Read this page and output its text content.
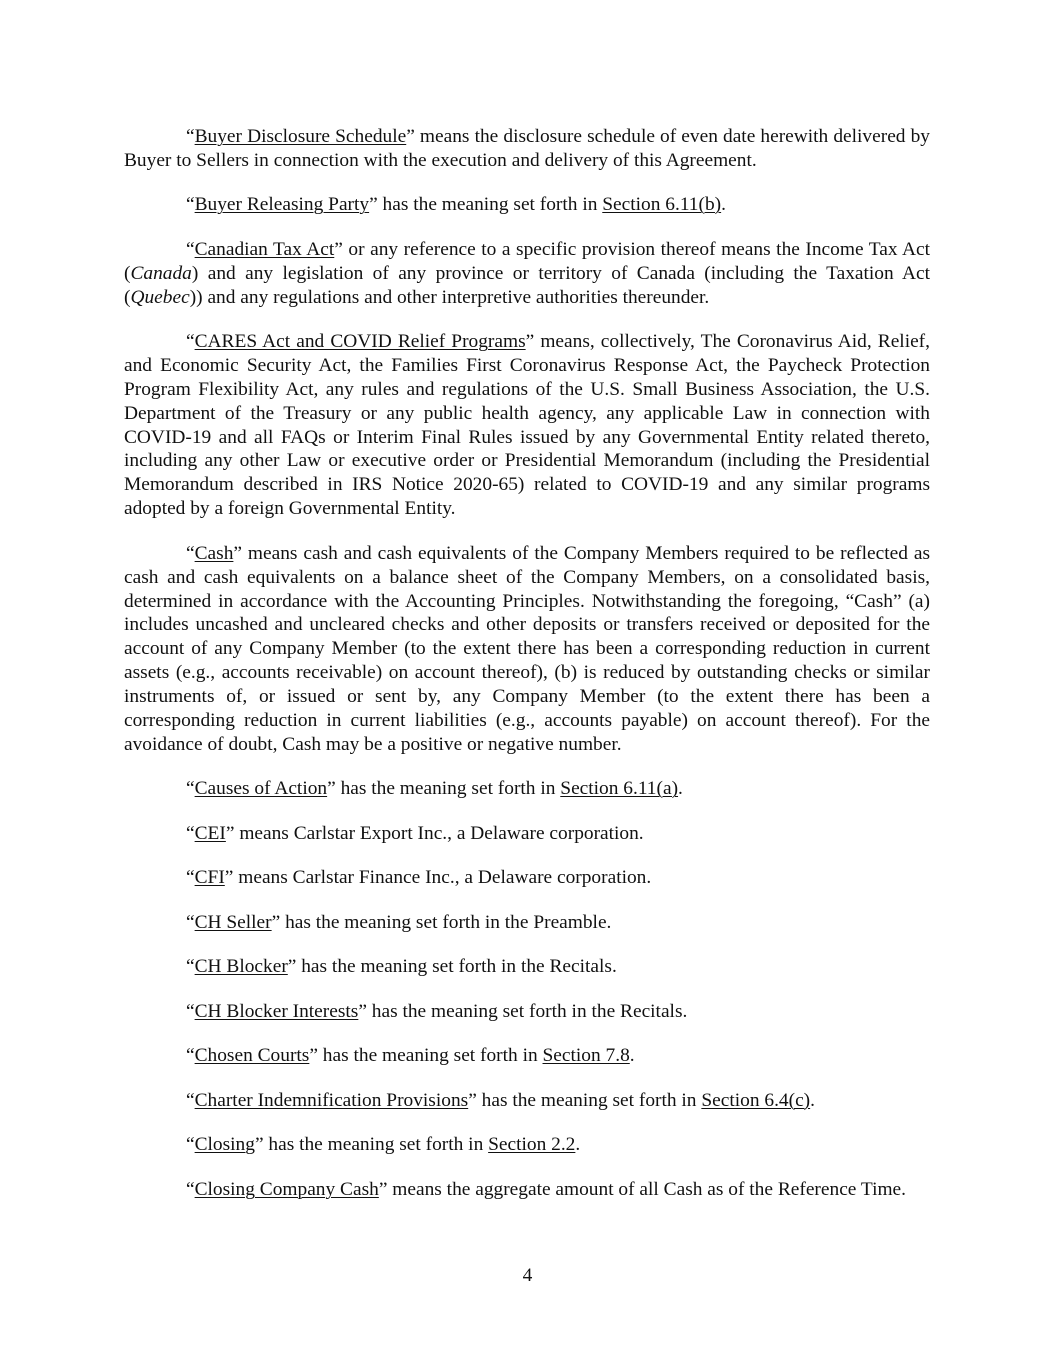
“Buyer Disclosure Schedule” means the disclosure schedule of even date herewith delivered by Buyer to Sellers in connection with the execution and delivery of this Agreement.

“Buyer Releasing Party” has the meaning set forth in Section 6.11(b).

“Canadian Tax Act” or any reference to a specific provision thereof means the Income Tax Act (Canada) and any legislation of any province or territory of Canada (including the Taxation Act (Quebec)) and any regulations and other interpretive authorities thereunder.

“CARES Act and COVID Relief Programs” means, collectively, The Coronavirus Aid, Relief, and Economic Security Act, the Families First Coronavirus Response Act, the Paycheck Protection Program Flexibility Act, any rules and regulations of the U.S. Small Business Association, the U.S. Department of the Treasury or any public health agency, any applicable Law in connection with COVID-19 and all FAQs or Interim Final Rules issued by any Governmental Entity related thereto, including any other Law or executive order or Presidential Memorandum (including the Presidential Memorandum described in IRS Notice 2020-65) related to COVID-19 and any similar programs adopted by a foreign Governmental Entity.

“Cash” means cash and cash equivalents of the Company Members required to be reflected as cash and cash equivalents on a balance sheet of the Company Members, on a consolidated basis, determined in accordance with the Accounting Principles. Notwithstanding the foregoing, “Cash” (a) includes uncashed and uncleared checks and other deposits or transfers received or deposited for the account of any Company Member (to the extent there has been a corresponding reduction in current assets (e.g., accounts receivable) on account thereof), (b) is reduced by outstanding checks or similar instruments of, or issued or sent by, any Company Member (to the extent there has been a corresponding reduction in current liabilities (e.g., accounts payable) on account thereof). For the avoidance of doubt, Cash may be a positive or negative number.

“Causes of Action” has the meaning set forth in Section 6.11(a).

“CEI” means Carlstar Export Inc., a Delaware corporation.

“CFI” means Carlstar Finance Inc., a Delaware corporation.

“CH Seller” has the meaning set forth in the Preamble.

“CH Blocker” has the meaning set forth in the Recitals.

“CH Blocker Interests” has the meaning set forth in the Recitals.

“Chosen Courts” has the meaning set forth in Section 7.8.

“Charter Indemnification Provisions” has the meaning set forth in Section 6.4(c).

“Closing” has the meaning set forth in Section 2.2.

“Closing Company Cash” means the aggregate amount of all Cash as of the Reference Time.

4
